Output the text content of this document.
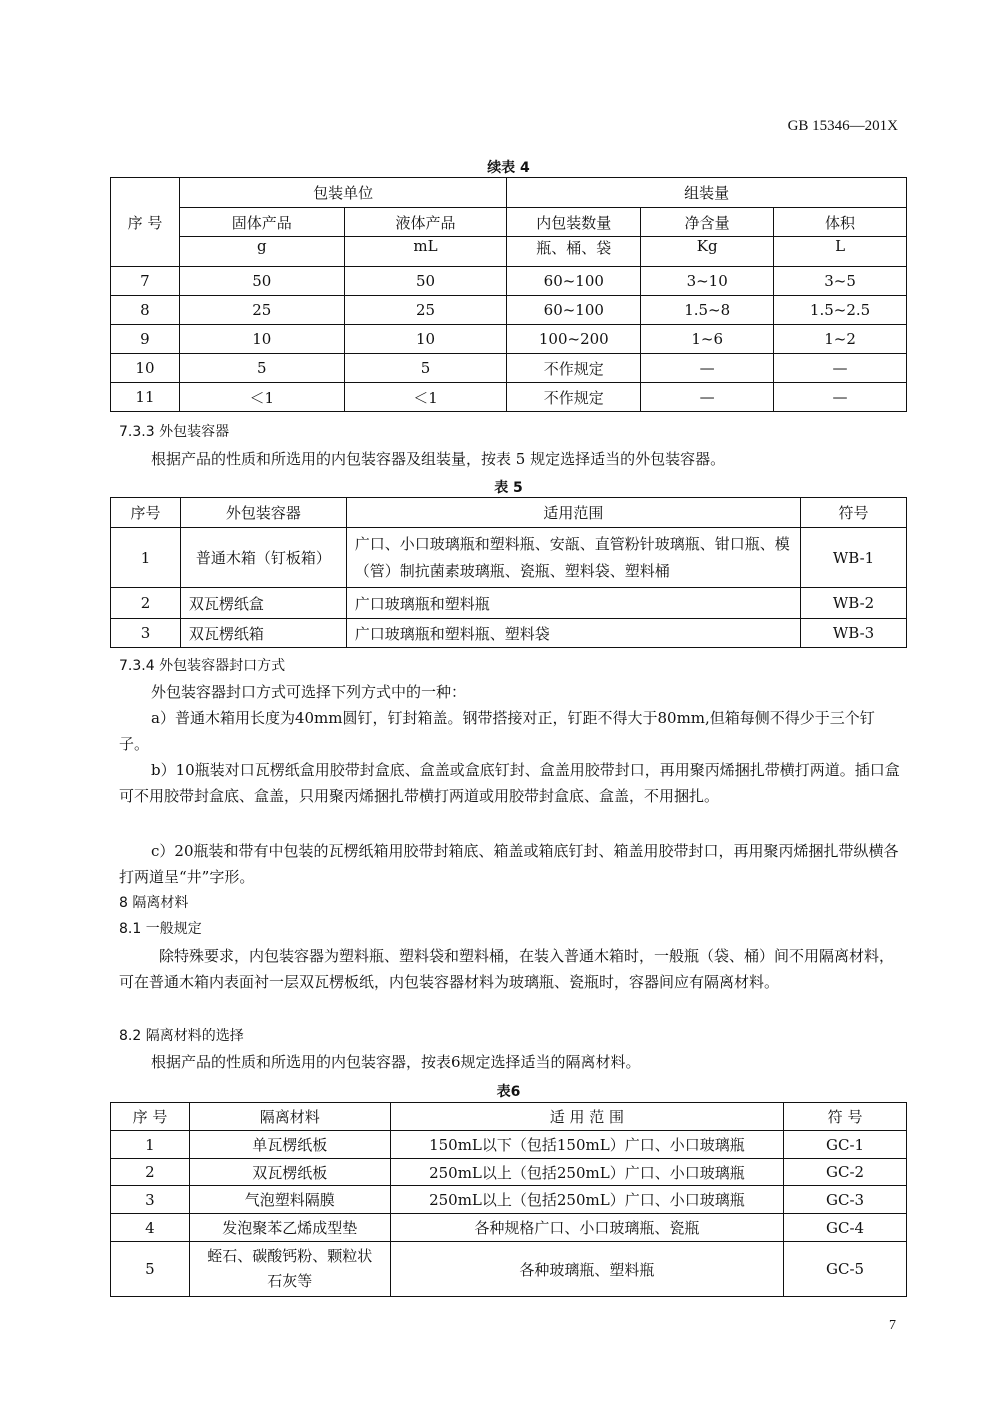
GB 15346—201X
续表 4
序 号	包装单位		组装量		
	固体产品	液体产品	内包装数量	净含量	体积
	g	mL	瓶、桶、袋	Kg	L
7	50	50	60~100	3~10	3~5
8	25	25	60~100	1.5~8	1.5~2.5
9	10	10	100~200	1~6	1~2
10	5	5	不作规定	—	—
11	＜1	＜1	不作规定	—	—
7.3.3 外包装容器
根据产品的性质和所选用的内包装容器及组装量，按表 5 规定选择适当的外包装容器。
表 5
序号	外包装容器	适用范围	符号
1	普通木箱（钉板箱）	广口、小口玻璃瓶和塑料瓶、安瓿、直管粉针玻璃瓶、钳口瓶、模（管）制抗菌素玻璃瓶、瓷瓶、塑料袋、塑料桶	WB-1
2	双瓦楞纸盒	广口玻璃瓶和塑料瓶	WB-2
3	双瓦楞纸箱	广口玻璃瓶和塑料瓶、塑料袋	WB-3
7.3.4 外包装容器封口方式
外包装容器封口方式可选择下列方式中的一种：
a）普通木箱用长度为40mm圆钉，钉封箱盖。钢带搭接对正，钉距不得大于80mm,但箱每侧不得少于三个钉子。
b）10瓶装对口瓦楞纸盒用胶带封盒底、盒盖或盒底钉封、盒盖用胶带封口，再用聚丙烯捆扎带横打两道。插口盒可不用胶带封盒底、盒盖，只用聚丙烯捆扎带横打两道或用胶带封盒底、盒盖，不用捆扎。
c）20瓶装和带有中包装的瓦楞纸箱用胶带封箱底、箱盖或箱底钉封、箱盖用胶带封口，再用聚丙烯捆扎带纵横各打两道呈“井”字形。
8 隔离材料
8.1 一般规定
除特殊要求，内包装容器为塑料瓶、塑料袋和塑料桶，在装入普通木箱时，一般瓶（袋、桶）间不用隔离材料，可在普通木箱内表面衬一层双瓦楞板纸，内包装容器材料为玻璃瓶、瓷瓶时，容器间应有隔离材料。
8.2 隔离材料的选择
根据产品的性质和所选用的内包装容器，按表6规定选择适当的隔离材料。
表6
序 号	隔离材料	适 用 范 围	符 号
1	单瓦楞纸板	150mL以下（包括150mL）广口、小口玻璃瓶	GC-1
2	双瓦楞纸板	250mL以上（包括250mL）广口、小口玻璃瓶	GC-2
3	气泡塑料隔膜	250mL以上（包括250mL）广口、小口玻璃瓶	GC-3
4	发泡聚苯乙烯成型垫	各种规格广口、小口玻璃瓶、瓷瓶	GC-4
5	蛭石、碳酸钙粉、颗粒状石灰等	各种玻璃瓶、塑料瓶	GC-5
7
